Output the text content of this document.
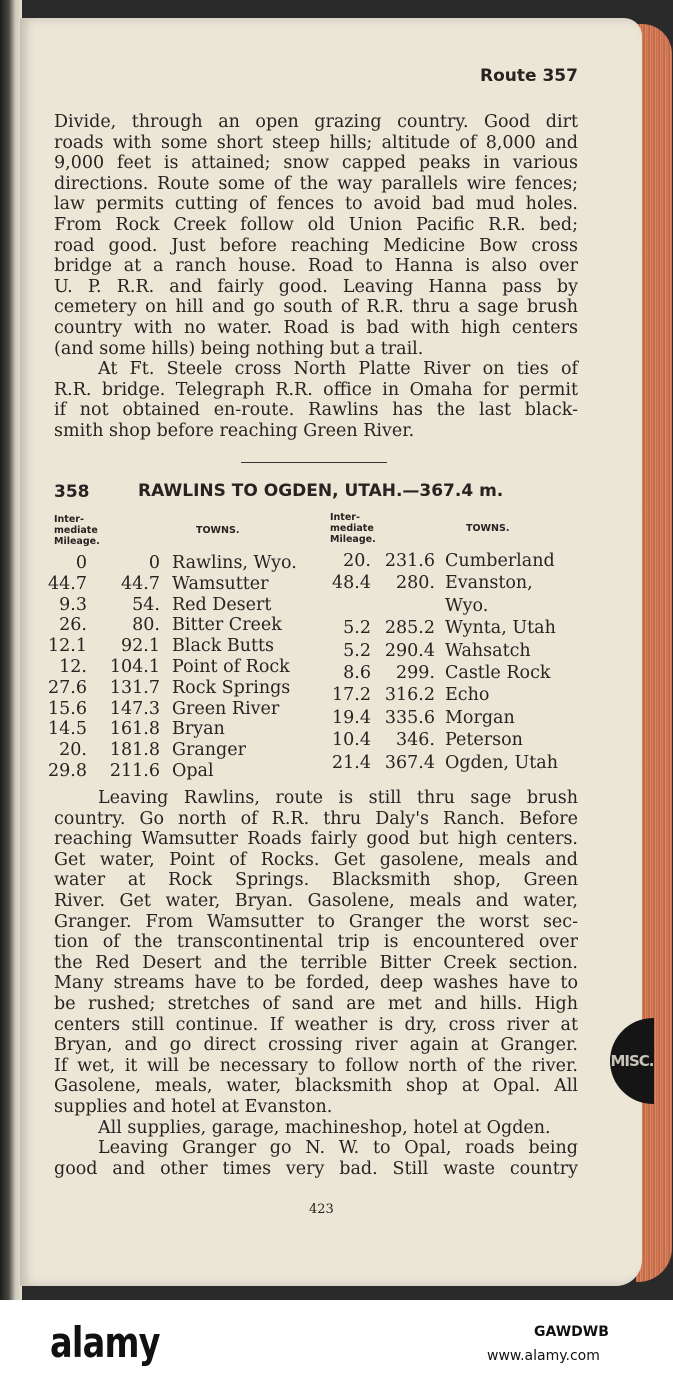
Route 357
Divide, through an open grazing country. Good dirt
roads with some short steep hills; altitude of 8,000 and
9,000 feet is attained; snow capped peaks in various
directions. Route some of the way parallels wire fences;
law permits cutting of fences to avoid bad mud holes.
From Rock Creek follow old Union Pacific R.R. bed;
road good. Just before reaching Medicine Bow cross
bridge at a ranch house. Road to Hanna is also over
U. P. R.R. and fairly good. Leaving Hanna pass by
cemetery on hill and go south of R.R. thru a sage brush
country with no water. Road is bad with high centers
(and some hills) being nothing but a trail.
At Ft. Steele cross North Platte River on ties of
R.R. bridge. Telegraph R.R. office in Omaha for permit
if not obtained en-route. Rawlins has the last black-
smith shop before reaching Green River.
358	RAWLINS TO OGDEN, UTAH.—367.4 m.
Inter-
mediate
Mileage.
TOWNS.
Inter-
mediate
Mileage.
TOWNS.
0	0 Rawlins, Wyo.
44.7 44.7 Wamsutter
9.3	54. Red Desert
26.	80. Bitter Creek
12.1 92.1 Black Butts
12. 104.1 Point of Rock
27.6 131.7 Rock Springs
15.6 147.3 Green River
14.5 161.8 Bryan
20. 181.8 Granger
29.8 211.6 Opal
20. 231.6 Cumberland
48.4 280. Evanston,
Wyo.
5.2 285.2 Wynta, Utah
5.2 290.4 Wahsatch
8.6 299. Castle Rock
17.2 316.2 Echo
19.4 335.6 Morgan
10.4 346. Peterson
21.4 367.4 Ogden, Utah
Leaving Rawlins, route is still thru sage brush
country. Go north of R.R. thru Daly's Ranch. Before
reaching Wamsutter Roads fairly good but high centers.
Get water, Point of Rocks. Get gasolene, meals and
water at Rock Springs. Blacksmith shop, Green
River. Get water, Bryan. Gasolene, meals and water,
Granger. From Wamsutter to Granger the worst sec-
tion of the transcontinental trip is encountered over
the Red Desert and the terrible Bitter Creek section.
Many streams have to be forded, deep washes have to
be rushed; stretches of sand are met and hills. High
centers still continue. If weather is dry, cross river at
Bryan, and go direct crossing river again at Granger.
If wet, it will be necessary to follow north of the river.
Gasolene, meals, water, blacksmith shop at Opal. All
supplies and hotel at Evanston.
All supplies, garage, machineshop, hotel at Ogden.
Leaving Granger go N. W. to Opal, roads being
good and other times very bad. Still waste country
423
MISC.
alamy	GAWDWB
www.alamy.com
